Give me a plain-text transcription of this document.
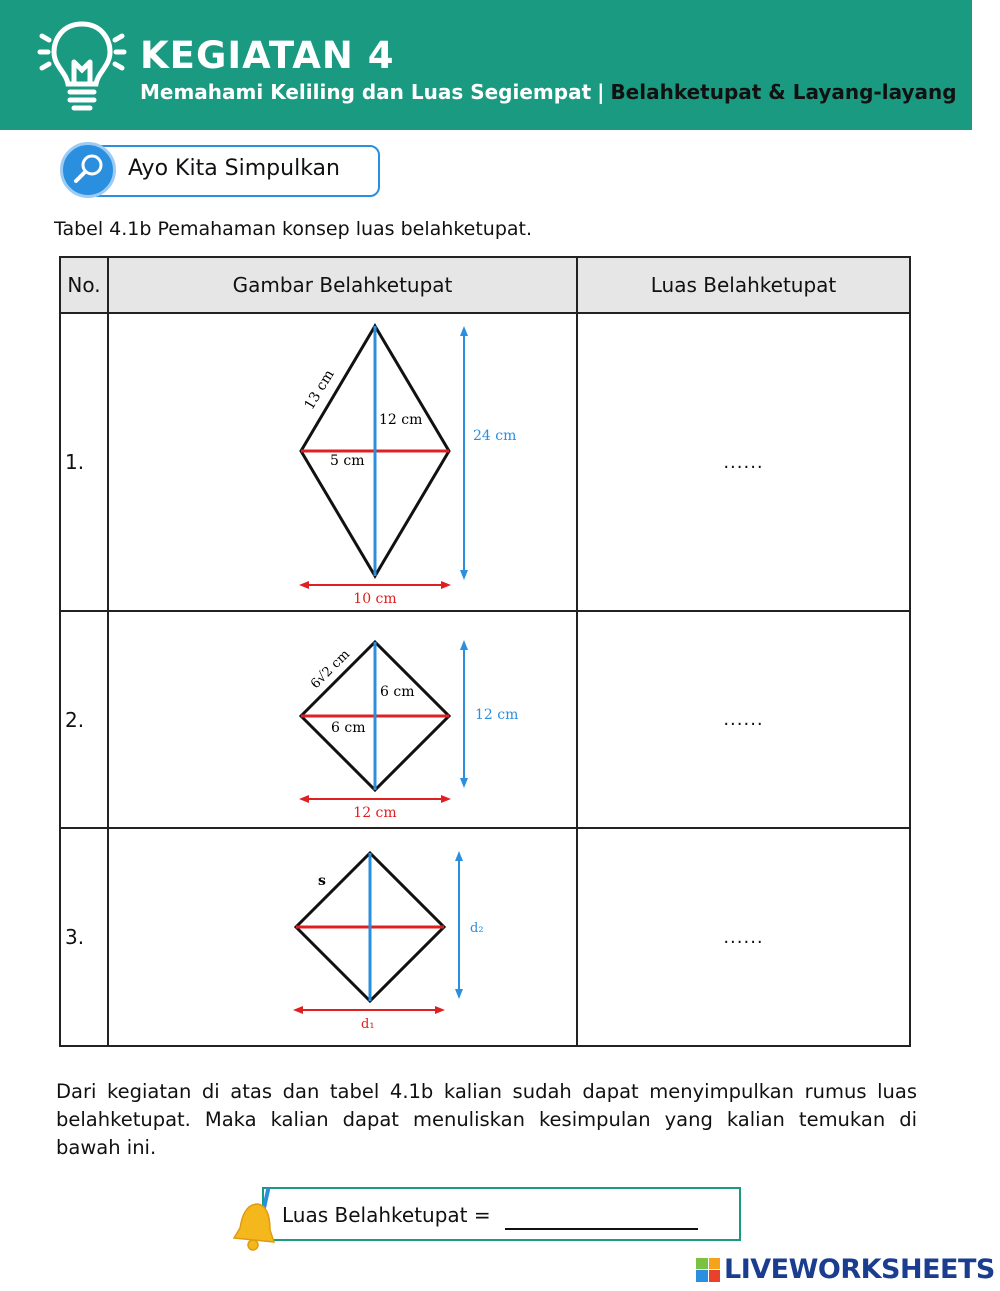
KEGIATAN 4
Memahami Keliling dan Luas Segiempat | Belahketupat & Layang-layang
Ayo Kita Simpulkan
Tabel 4.1b Pemahaman konsep luas belahketupat.
No.	Gambar Belahketupat	Luas Belahketupat
1.	13 cm
12 cm
5 cm
24 cm
10 cm	......
2.	6√2 cm 6 cm
6 cm
12 cm
12 cm	......
3.	s
d₂
d₁	......
Dari kegiatan di atas dan tabel 4.1b kalian sudah dapat menyimpulkan rumus luas belahketupat. Maka kalian dapat menuliskan kesimpulan yang kalian temukan di bawah ini.
Luas Belahketupat =
LIVEWORKSHEETS
